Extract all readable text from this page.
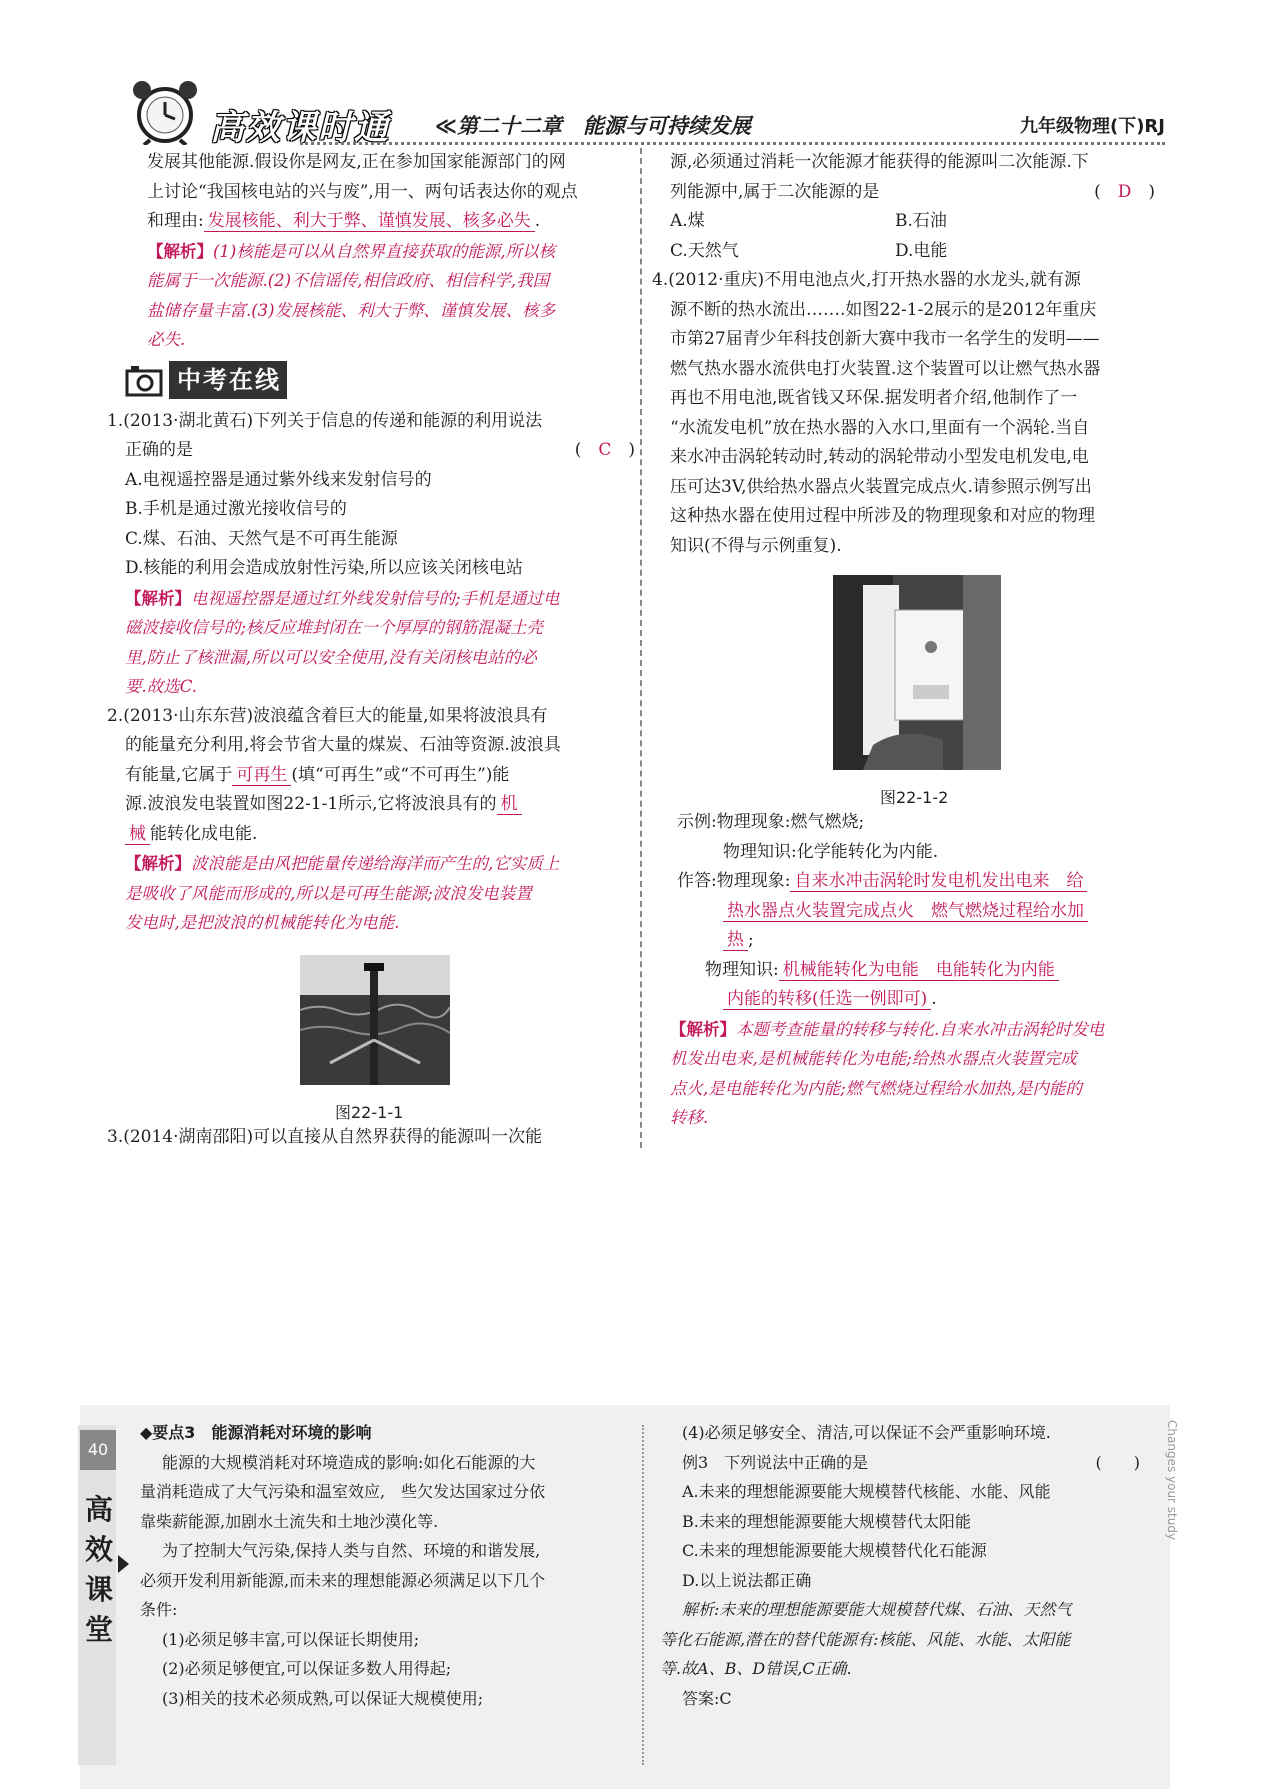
高效课时通 ≪第二十二章　能源与可持续发展	九年级物理(下)RJ

发展其他能源.假设你是网友,正在参加国家能源部门的网

上讨论“我国核电站的兴与废”,用一、两句话表达你的观点

和理由: 发展核能、利大于弊、谨慎发展、核多必失 .

【解析】(1)核能是可以从自然界直接获取的能源,所以核

能属于一次能源.(2)不信谣传,相信政府、相信科学,我国

盐储存量丰富.(3)发展核能、利大于弊、谨慎发展、核多

必失.

中考在线

1.(2013·湖北黄石)下列关于信息的传递和能源的利用说法

正确的是	(　C　)

A.电视遥控器是通过紫外线来发射信号的

B.手机是通过激光接收信号的

C.煤、石油、天然气是不可再生能源

D.核能的利用会造成放射性污染,所以应该关闭核电站

【解析】电视遥控器是通过红外线发射信号的;手机是通过电

磁波接收信号的;核反应堆封闭在一个厚厚的钢筋混凝土壳

里,防止了核泄漏,所以可以安全使用,没有关闭核电站的必

要.故选C.

2.(2013·山东东营)波浪蕴含着巨大的能量,如果将波浪具有

的能量充分利用,将会节省大量的煤炭、石油等资源.波浪具

有能量,它属于 可再生 (填“可再生”或“不可再生”)能

源.波浪发电装置如图22-1-1所示,它将波浪具有的 机

械 能转化成电能.

【解析】波浪能是由风把能量传递给海洋而产生的,它实质上

是吸收了风能而形成的,所以是可再生能源;波浪发电装置

发电时,是把波浪的机械能转化为电能.

图22-1-1

3.(2014·湖南邵阳)可以直接从自然界获得的能源叫一次能

源,必须通过消耗一次能源才能获得的能源叫二次能源.下

列能源中,属于二次能源的是	(　D　)

A.煤	B.石油

C.天然气	D.电能

4.(2012·重庆)不用电池点火,打开热水器的水龙头,就有源

源不断的热水流出…….如图22-1-2展示的是2012年重庆

市第27届青少年科技创新大赛中我市一名学生的发明——

燃气热水器水流供电打火装置.这个装置可以让燃气热水器

再也不用电池,既省钱又环保.据发明者介绍,他制作了一

“水流发电机”放在热水器的入水口,里面有一个涡轮.当自

来水冲击涡轮转动时,转动的涡轮带动小型发电机发电,电

压可达3V,供给热水器点火装置完成点火.请参照示例写出

这种热水器在使用过程中所涉及的物理现象和对应的物理

知识(不得与示例重复).

图22-1-2

示例:物理现象:燃气燃烧;

物理知识:化学能转化为内能.

作答:物理现象: 自来水冲击涡轮时发电机发出电来　给

热水器点火装置完成点火　燃气燃烧过程给水加

热 ;

物理知识: 机械能转化为电能　电能转化为内能

内能的转移(任选一例即可) .

【解析】本题考查能量的转移与转化.自来水冲击涡轮时发电

机发出电来,是机械能转化为电能;给热水器点火装置完成

点火,是电能转化为内能;燃气燃烧过程给水加热,是内能的

转移.

40
高
效
课
堂
Changes your study

◆要点3　能源消耗对环境的影响

能源的大规模消耗对环境造成的影响:如化石能源的大

量消耗造成了大气污染和温室效应,　些欠发达国家过分依

靠柴薪能源,加剧水土流失和土地沙漠化等.

为了控制大气污染,保持人类与自然、环境的和谐发展,

必须开发利用新能源,而未来的理想能源必须满足以下几个

条件:

(1)必须足够丰富,可以保证长期使用;

(2)必须足够便宜,可以保证多数人用得起;

(3)相关的技术必须成熟,可以保证大规模使用;

(4)必须足够安全、清洁,可以保证不会严重影响环境.

例3　下列说法中正确的是	(　　)

A.未来的理想能源要能大规模替代核能、水能、风能

B.未来的理想能源要能大规模替代太阳能

C.未来的理想能源要能大规模替代化石能源

D.以上说法都正确

解析:未来的理想能源要能大规模替代煤、石油、天然气

等化石能源,潜在的替代能源有:核能、风能、水能、太阳能

等.故A、B、D错误,C正确.

答案:C
